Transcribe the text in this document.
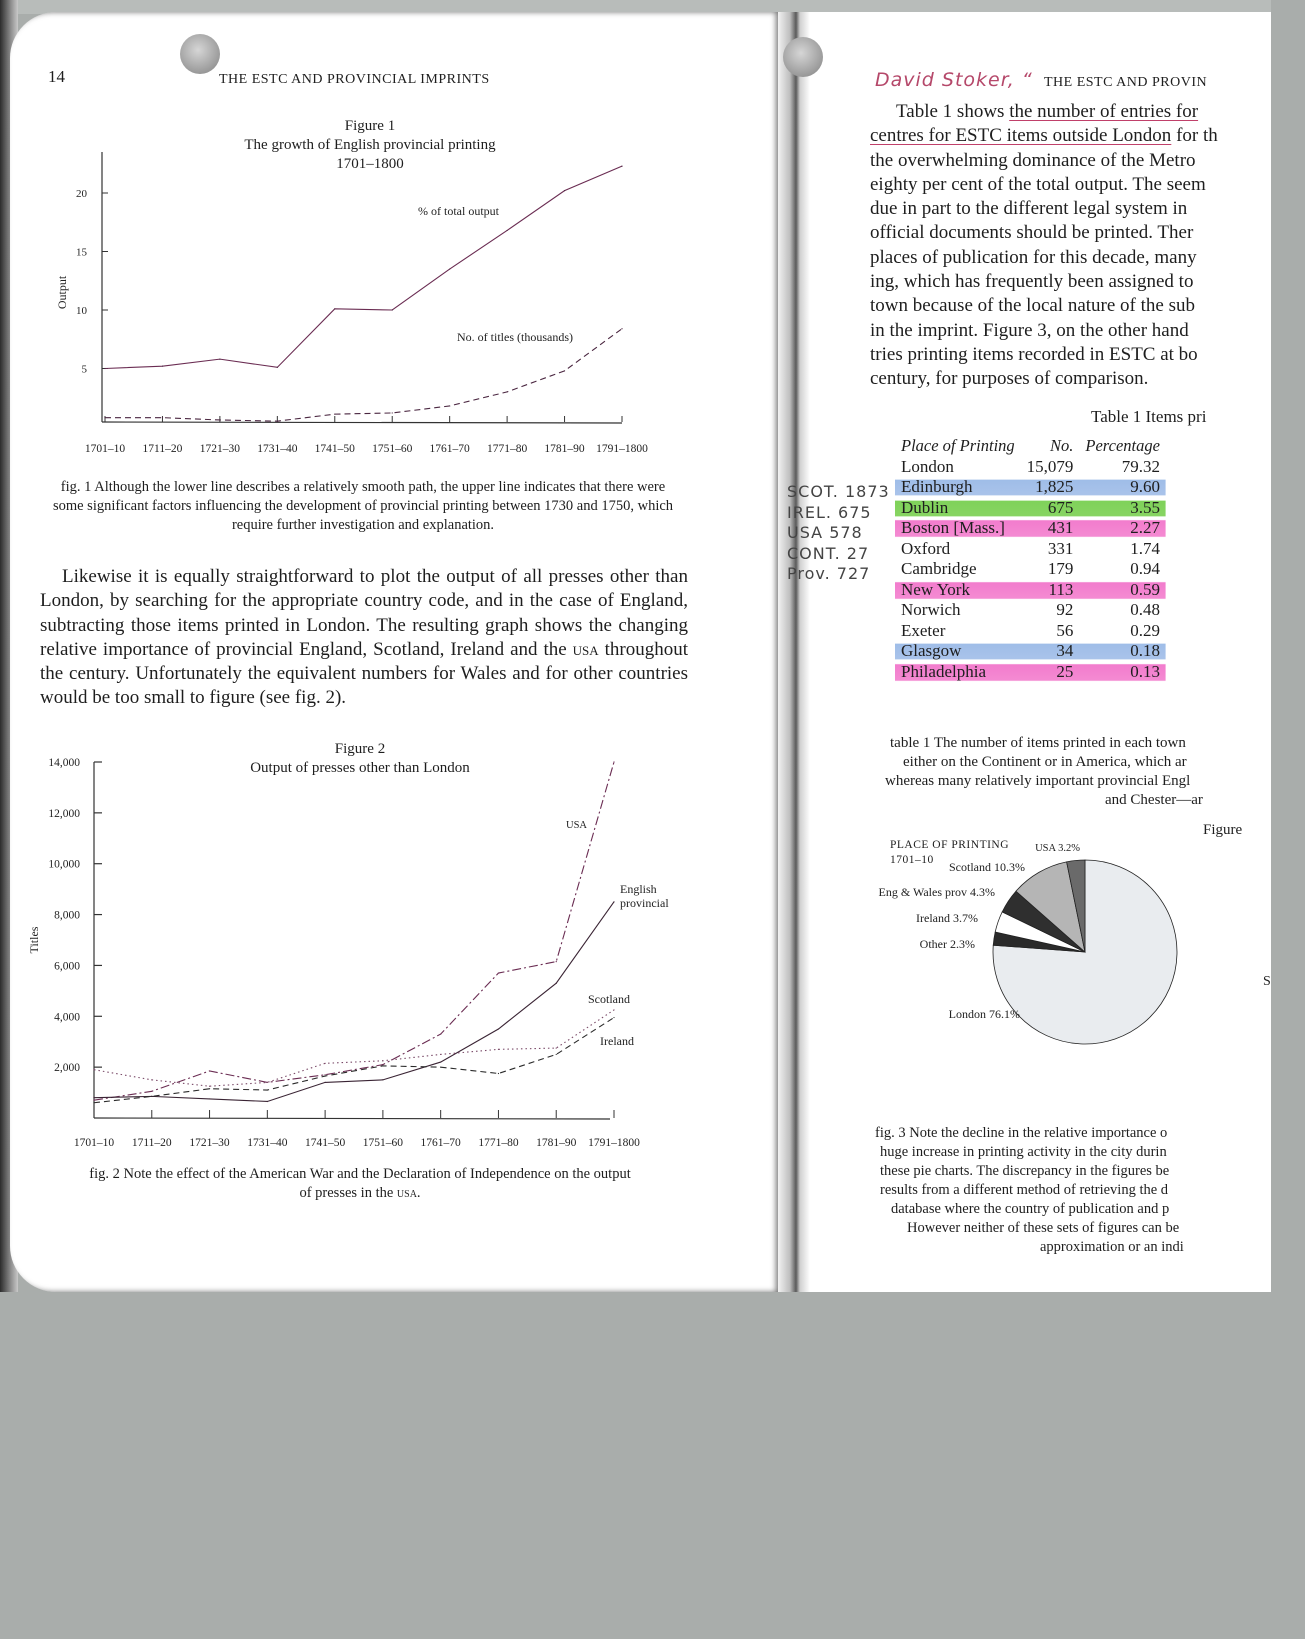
14	THE ESTC AND PROVINCIAL IMPRINTS
Figure 1
The growth of English provincial printing
1701–1800
5
10
15
20
1701–10 1711–20 1721–30 1731–40 1741–50 1751–60 1761–70 1771–80 1781–90 1791–1800
Output
% of total output
No. of titles (thousands)
fig. 1 Although the lower line describes a relatively smooth path, the upper line indicates that there were some significant factors influencing the development of provincial printing between 1730 and 1750, which require further investigation and explanation.

Likewise it is equally straightforward to plot the output of all presses other than London, by searching for the appropriate country code, and in the case of England, subtracting those items printed in London. The resulting graph shows the changing relative importance of provincial England, Scotland, Ireland and the usa throughout the century. Unfortunately the equivalent numbers for Wales and for other countries would be too small to figure (see fig. 2).

Figure 2
Output of presses other than London
2,000
4,000
6,000
8,000
10,000
12,000
14,000
1701–10 1711–20 1721–30 1731–40 1741–50 1751–60 1761–70 1771–80 1781–90 1791–1800
Titles
USA
English
provincial
Scotland
Ireland
fig. 2 Note the effect of the American War and the Declaration of Independence on the output
of presses in the usa.
David Stoker, “ THE ESTC AND PROVIN
Table 1 shows the number of entries for
centres for ESTC items outside London for th
the overwhelming dominance of the Metro
eighty per cent of the total output. The seem
due in part to the different legal system in
official documents should be printed. Ther
places of publication for this decade, many
ing, which has frequently been assigned to
town because of the local nature of the sub
in the imprint. Figure 3, on the other hand
tries printing items recorded in ESTC at bo
century, for purposes of comparison.
Table 1 Items pri
SCOT. 1873
IREL. 675
USA 578
CONT. 27
Prov. 727
Place of Printing	No.	Percentage
London	15,079	79.32
Edinburgh	1,825	9.60
Dublin	675	3.55
Boston [Mass.]	431	2.27
Oxford	331	1.74
Cambridge	179	0.94
New York	113	0.59
Norwich	92	0.48
Exeter	56	0.29
Glasgow	34	0.18
Philadelphia	25	0.13
table 1 The number of items printed in each town
either on the Continent or in America, which ar
whereas many relatively important provincial Engl
and Chester—ar
Figure
PLACE OF PRINTING
1701–10
S
London 76.1%
Other 2.3%
Ireland 3.7%
Eng & Wales prov 4.3%
Scotland 10.3%
USA 3.2%
fig. 3 Note the decline in the relative importance o
huge increase in printing activity in the city durin
these pie charts. The discrepancy in the figures be
results from a different method of retrieving the d
database where the country of publication and p
However neither of these sets of figures can be
approximation or an indi
